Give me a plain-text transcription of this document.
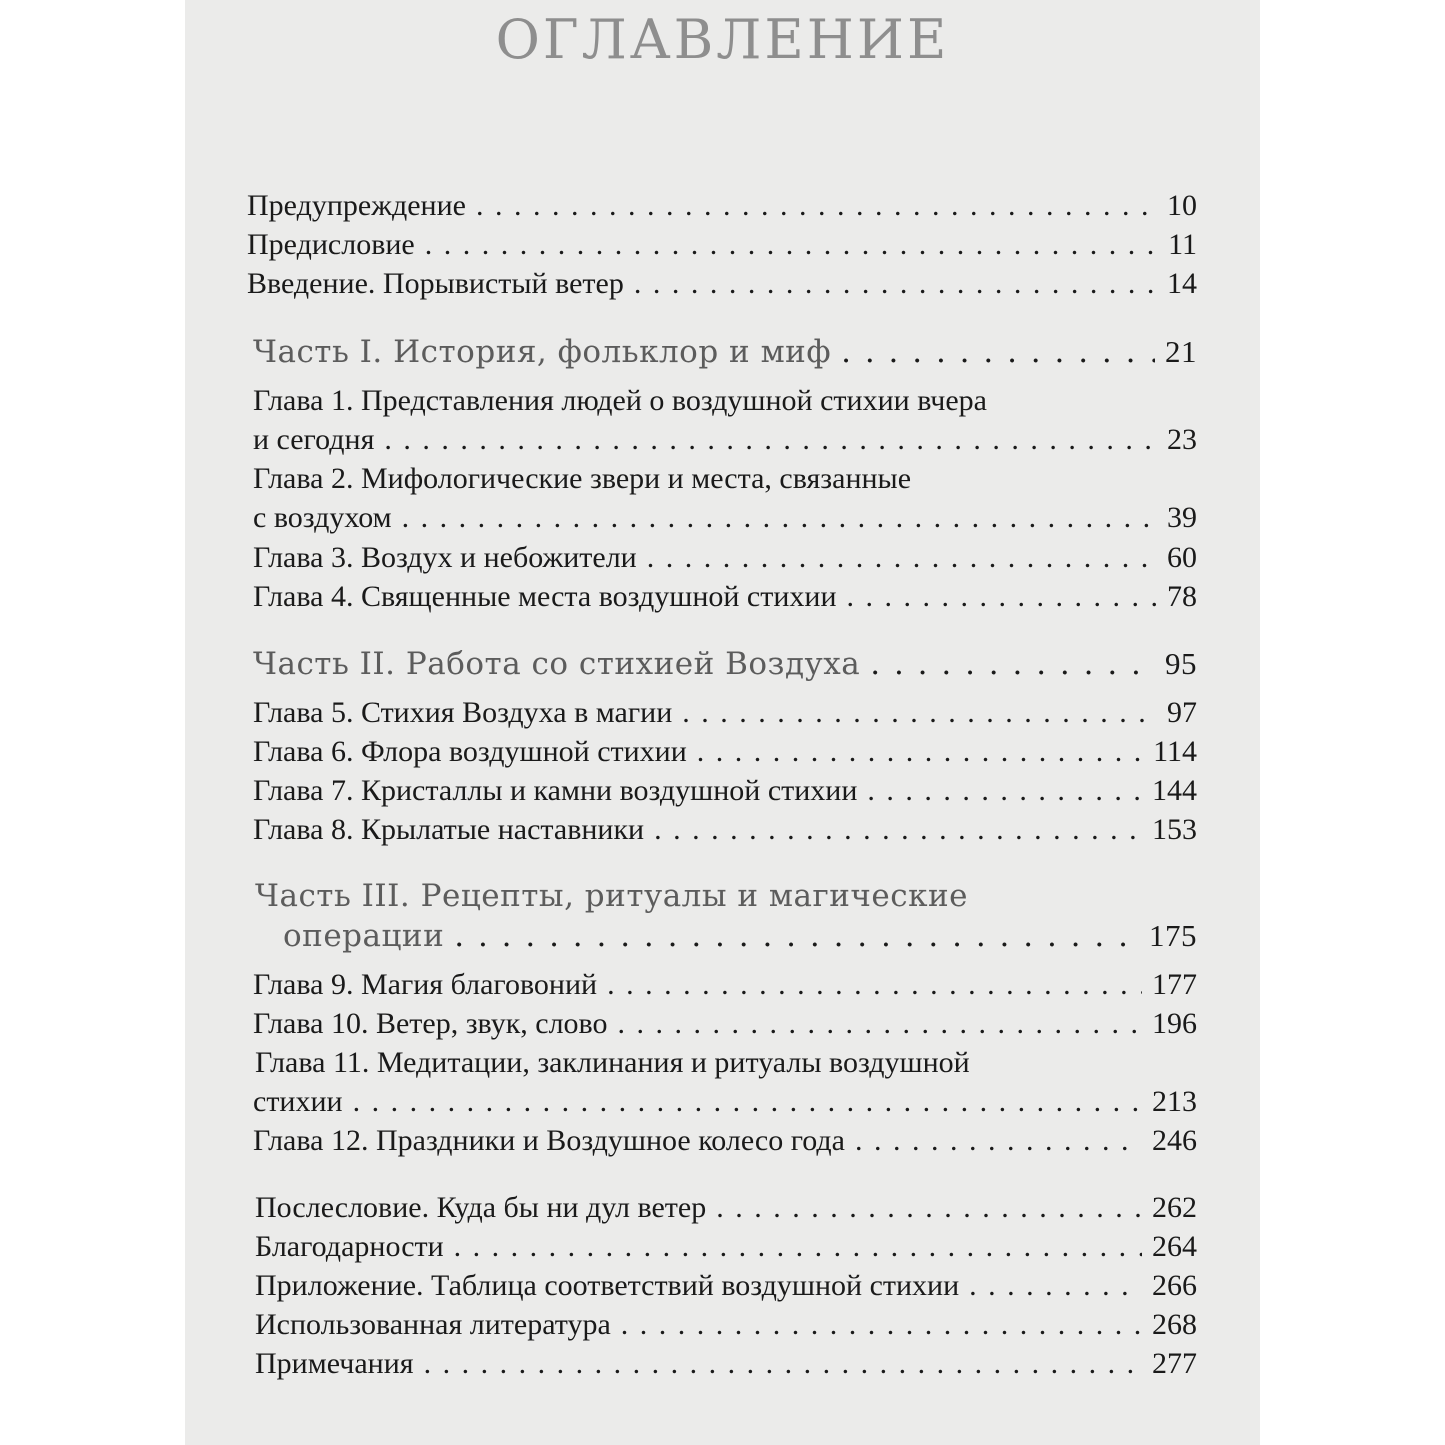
ОГЛАВЛЕНИЕ
Предупреждение . . .	10
Предисловие . . .	11
Введение. Порывистый ветер . . .	14
Часть I. История, фольклор и миф . . .	21
Глава 1. Представления людей о воздушной стихии вчера
и сегодня . . .	23
Глава 2. Мифологические звери и места, связанные
с воздухом . . .	39
Глава 3. Воздух и небожители . . .	60
Глава 4. Священные места воздушной стихии . . .	78
Часть II. Работа со стихией Воздуха . . .	95
Глава 5. Стихия Воздуха в магии . . .	97
Глава 6. Флора воздушной стихии . . .	114
Глава 7. Кристаллы и камни воздушной стихии . . .	144
Глава 8. Крылатые наставники . . .	153
Часть III. Рецепты, ритуалы и магические
операции . . .	175
Глава 9. Магия благовоний . . .	177
Глава 10. Ветер, звук, слово . . .	196
Глава 11. Медитации, заклинания и ритуалы воздушной
стихии . . .	213
Глава 12. Праздники и Воздушное колесо года . . .	246
Послесловие. Куда бы ни дул ветер . . .	262
Благодарности . . .	264
Приложение. Таблица соответствий воздушной стихии . . .	266
Использованная литература . . .	268
Примечания . . .	277
